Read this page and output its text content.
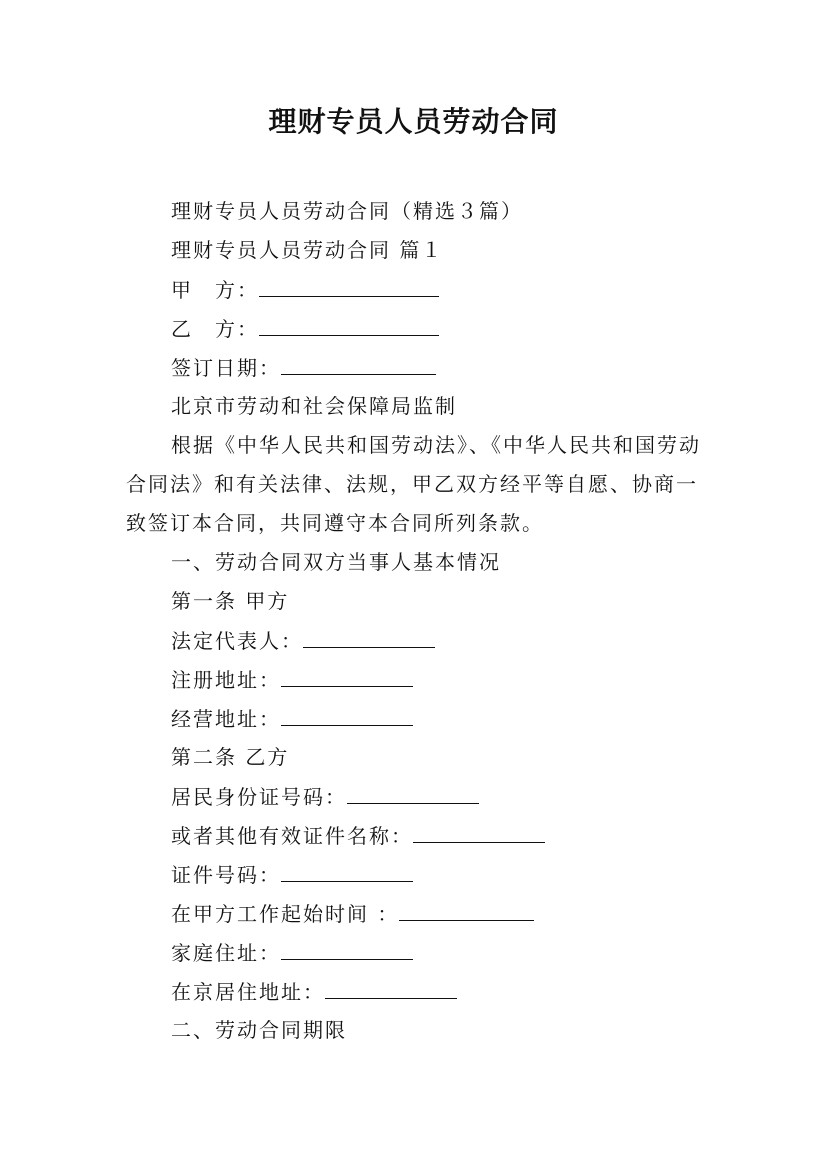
理财专员人员劳动合同
理财专员人员劳动合同（精选３篇）
理财专员人员劳动合同 篇１
甲　方：
乙　方：
签订日期：
北京市劳动和社会保障局监制
根据《中华人民共和国劳动法》、《中华人民共和国劳动
合同法》和有关法律、法规，甲乙双方经平等自愿、协商一
致签订本合同，共同遵守本合同所列条款。
一、劳动合同双方当事人基本情况
第一条 甲方
法定代表人：
注册地址：
经营地址：
第二条 乙方
居民身份证号码：
或者其他有效证件名称：
证件号码：
在甲方工作起始时间 ：
家庭住址：
在京居住地址：
二、劳动合同期限
